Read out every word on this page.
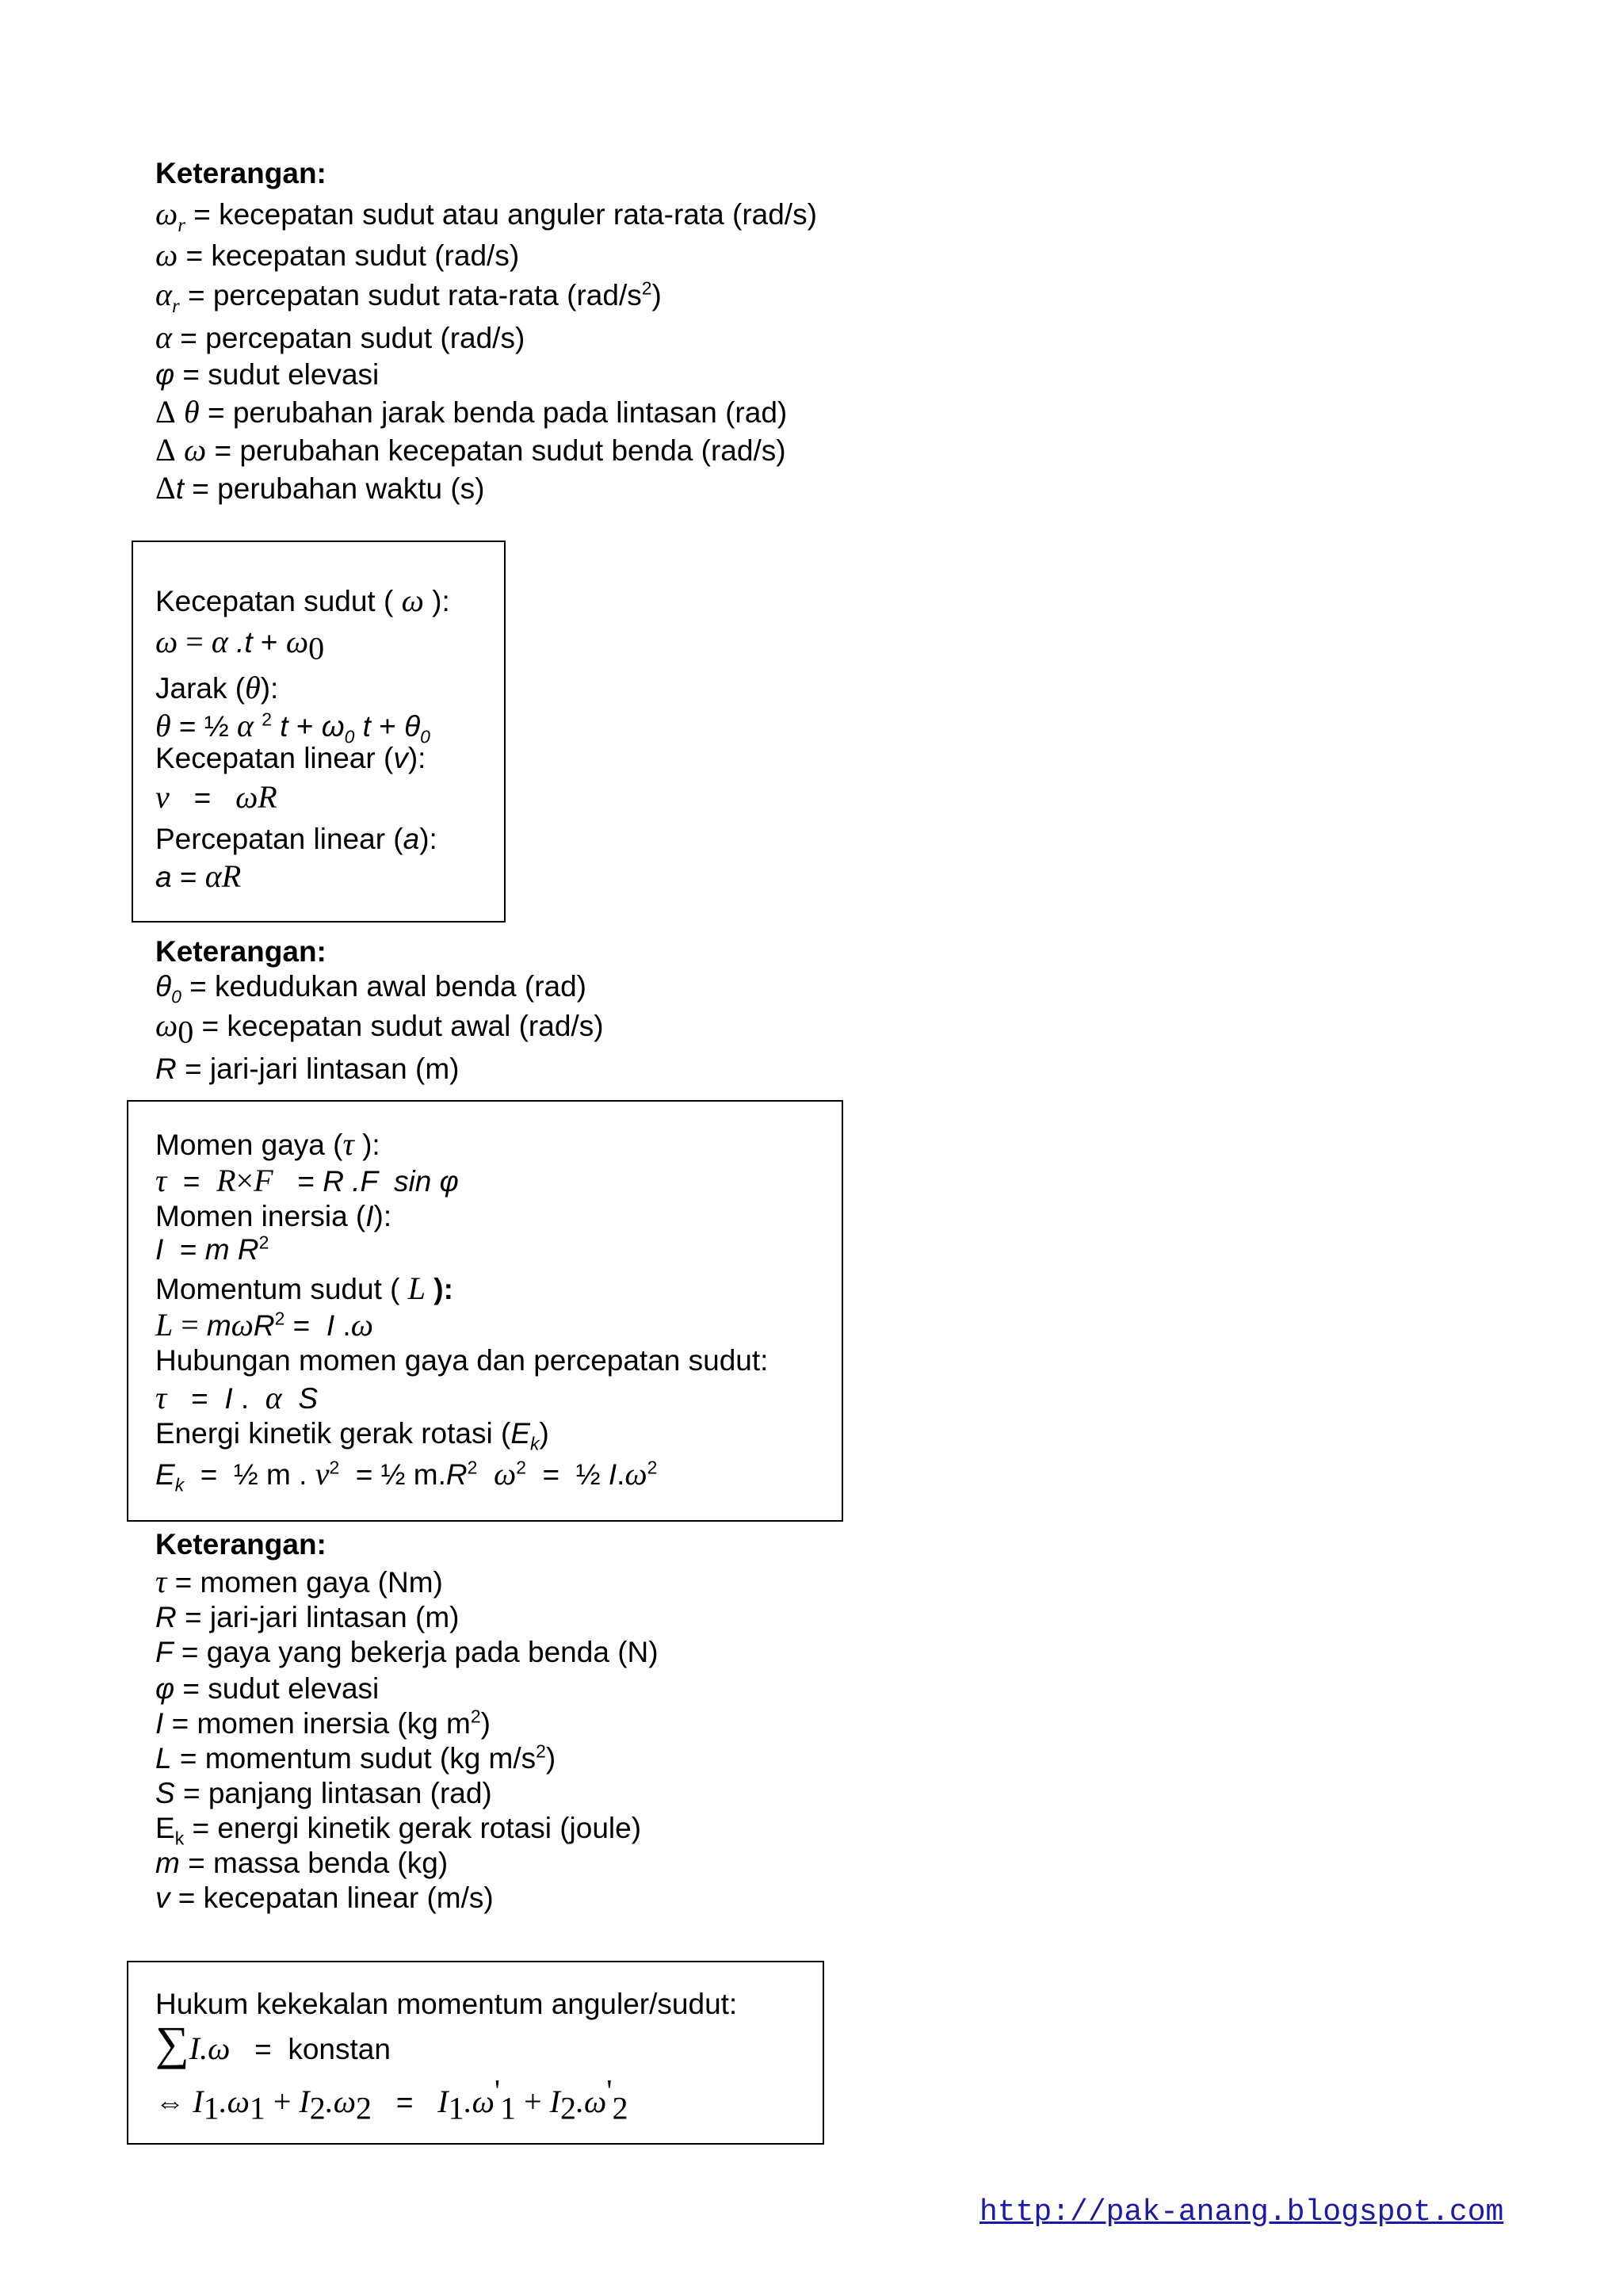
Keterangan:
$\omega_r$ = kecepatan sudut atau anguler rata-rata (rad/s)
ω = kecepatan sudut (rad/s)
$\alpha_r$ = percepatan sudut rata-rata $(rad/s^2)$
α = percepatan sudut (rad/s)
φ = sudut elevasi
Δ θ = perubahan jarak benda pada lintasan (rad)
Δ ω = perubahan kecepatan sudut benda (rad/s)
Δt = perubahan waktu (s)
Kecepatan sudut ( ω ):
ω = α $.t + \omega_0$
Jarak (θ):
θ = ½ α $^2$ $t + \omega_0$ $t + \theta_0$
Kecepatan linear (v):
v   =   ωR
Percepatan linear (a):
a = αR
Keterangan:
$\theta_0$ = kedudukan awal benda (rad)
$\omega_0$ = kecepatan sudut awal (rad/s)
R = jari-jari lintasan (m)
Momen gaya (τ ):
τ  =  R×F   = R .F  sin φ
Momen inersia (I):
I  = m $R^2$
Momentum sudut ( L ):
L = mωR$^2$ =  I .ω
Hubungan momen gaya dan percepatan sudut:
τ   =  I .  α S
Energi kinetik gerak rotasi $(E_k)$
$E_k$  =  ½ m . $v^2$  = ½ $m.R^2$ $\omega^2$  =  ½ $I.\omega^2$
Keterangan:
τ = momen gaya (Nm)
R = jari-jari lintasan (m)
F = gaya yang bekerja pada benda (N)
φ = sudut elevasi
I = momen inersia (kg $m^2$)
L = momentum sudut (kg $m/s^2$)
S = panjang lintasan (rad)
$E_k$ = energi kinetik gerak rotasi (joule)
m = massa benda (kg)
v = kecepatan linear (m/s)
Hukum kekekalan momentum anguler/sudut:
∑I.ω   =  konstan
⇔ $I_1.\omega_1 + I_2.\omega_2 = I_1.\omega'_1 + I_2.\omega'_2$
http://pak-anang.blogspot.com
